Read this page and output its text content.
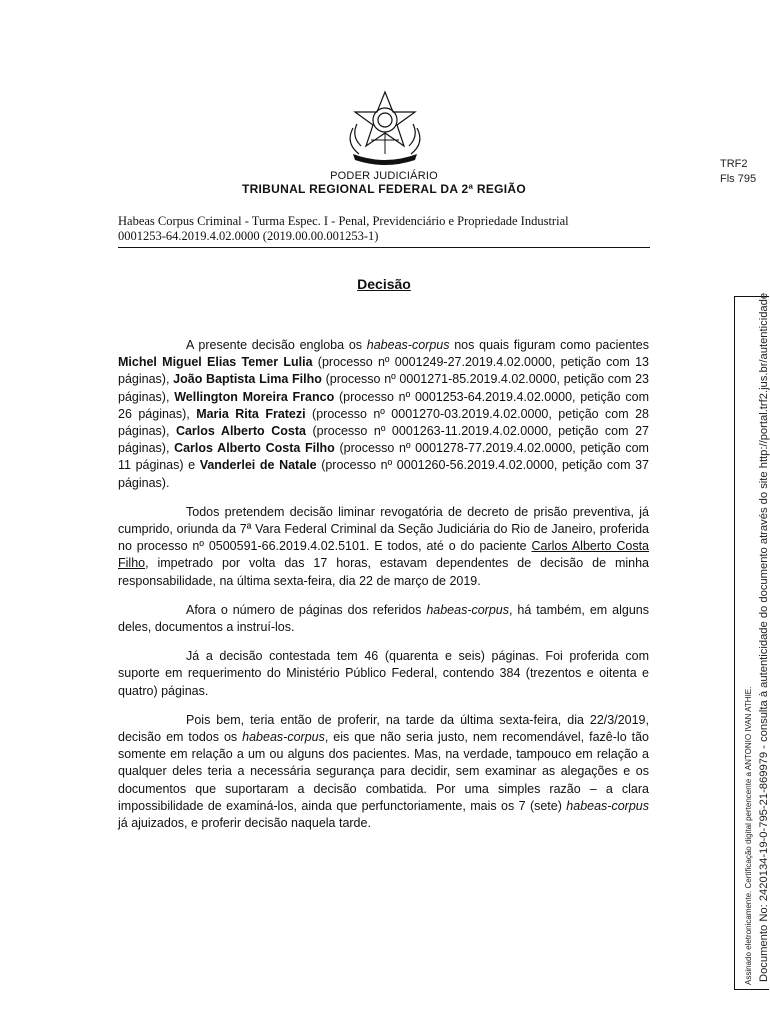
PODER JUDICIÁRIO
TRIBUNAL REGIONAL FEDERAL DA 2ª REGIÃO
TRF2
Fls 795
Habeas Corpus Criminal - Turma Espec. I - Penal, Previdenciário e Propriedade Industrial
0001253-64.2019.4.02.0000 (2019.00.00.001253-1)
Decisão

A presente decisão engloba os habeas-corpus nos quais figuram como pacientes Michel Miguel Elias Temer Lulia (processo nº 0001249-27.2019.4.02.0000, petição com 13 páginas), João Baptista Lima Filho (processo nº 0001271-85.2019.4.02.0000, petição com 23 páginas), Wellington Moreira Franco (processo nº 0001253-64.2019.4.02.0000, petição com 26 páginas), Maria Rita Fratezi (processo nº 0001270-03.2019.4.02.0000, petição com 28 páginas), Carlos Alberto Costa (processo nº 0001263-11.2019.4.02.0000, petição com 27 páginas), Carlos Alberto Costa Filho (processo nº 0001278-77.2019.4.02.0000, petição com 11 páginas) e Vanderlei de Natale (processo nº 0001260-56.2019.4.02.0000, petição com 37 páginas).

Todos pretendem decisão liminar revogatória de decreto de prisão preventiva, já cumprido, oriunda da 7ª Vara Federal Criminal da Seção Judiciária do Rio de Janeiro, proferida no processo nº 0500591-66.2019.4.02.5101. E todos, até o do paciente Carlos Alberto Costa Filho, impetrado por volta das 17 horas, estavam dependentes de decisão de minha responsabilidade, na última sexta-feira, dia 22 de março de 2019.

Afora o número de páginas dos referidos habeas-corpus, há também, em alguns deles, documentos a instruí-los.

Já a decisão contestada tem 46 (quarenta e seis) páginas. Foi proferida com suporte em requerimento do Ministério Público Federal, contendo 384 (trezentos e oitenta e quatro) páginas.

Pois bem, teria então de proferir, na tarde da última sexta-feira, dia 22/3/2019, decisão em todos os habeas-corpus, eis que não seria justo, nem recomendável, fazê-lo tão somente em relação a um ou alguns dos pacientes. Mas, na verdade, tampouco em relação a qualquer deles teria a necessária segurança para decidir, sem examinar as alegações e os documentos que suportaram a decisão combatida. Por uma simples razão – a clara impossibilidade de examiná-los, ainda que perfunctoriamente, mais os 7 (sete) habeas-corpus já ajuizados, e proferir decisão naquela tarde.	Assinado eletronicamente. Certificação digital pertencente a ANTONIO IVAN ATHIE. Documento No: 2420134-19-0-795-21-869979 - consulta à autenticidade do documento através do site http://portal.trf2.jus.br/autenticidade
